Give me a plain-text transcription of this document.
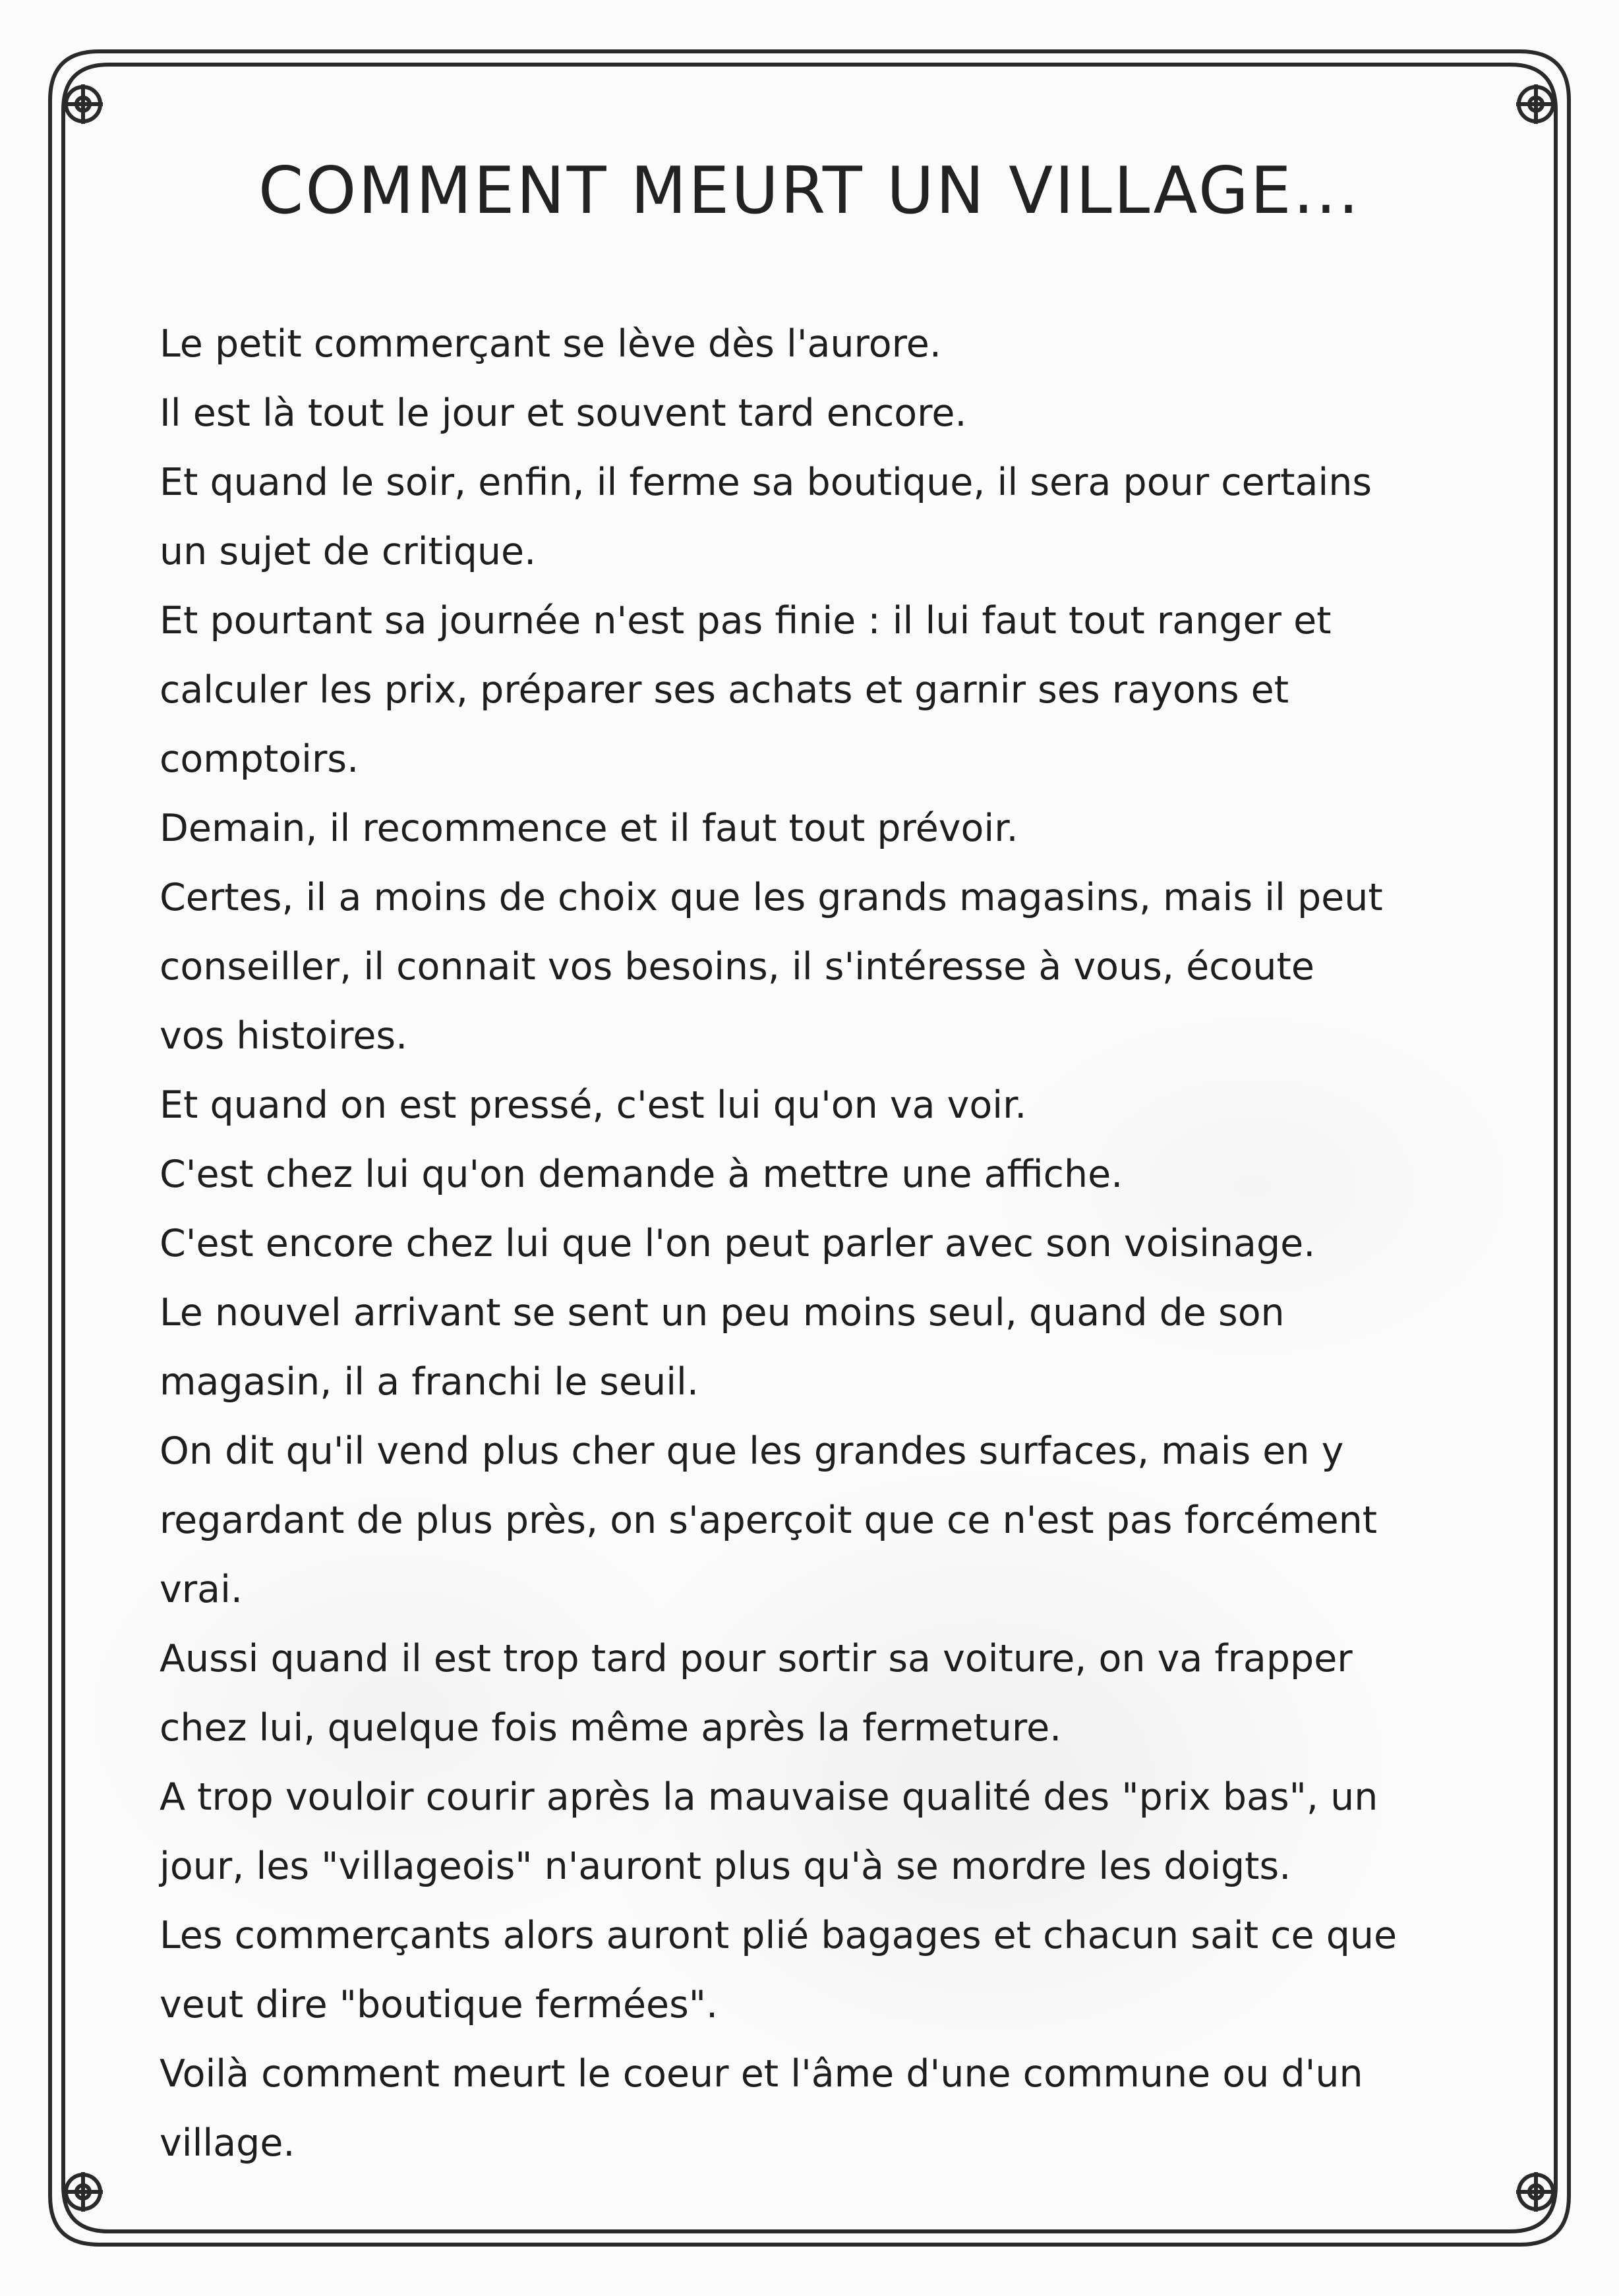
COMMENT MEURT UN VILLAGE...
Le petit commerçant se lève dès l'aurore.
Il est là tout le jour et souvent tard encore.
Et quand le soir, enfin, il ferme sa boutique, il sera pour certains
un sujet de critique.
Et pourtant sa journée n'est pas finie : il lui faut tout ranger et
calculer les prix, préparer ses achats et garnir ses rayons et
comptoirs.
Demain, il recommence et il faut tout prévoir.
Certes, il a moins de choix que les grands magasins, mais il peut
conseiller, il connait vos besoins, il s'intéresse à vous, écoute
vos histoires.
Et quand on est pressé, c'est lui qu'on va voir.
C'est chez lui qu'on demande à mettre une affiche.
C'est encore chez lui que l'on peut parler avec son voisinage.
Le nouvel arrivant se sent un peu moins seul, quand de son
magasin, il a franchi le seuil.
On dit qu'il vend plus cher que les grandes surfaces, mais en y
regardant de plus près, on s'aperçoit que ce n'est pas forcément
vrai.
Aussi quand il est trop tard pour sortir sa voiture, on va frapper
chez lui, quelque fois même après la fermeture.
A trop vouloir courir après la mauvaise qualité des "prix bas", un
jour, les "villageois" n'auront plus qu'à se mordre les doigts.
Les commerçants alors auront plié bagages et chacun sait ce que
veut dire "boutique fermées".
Voilà comment meurt le coeur et l'âme d'une commune ou d'un
village.
